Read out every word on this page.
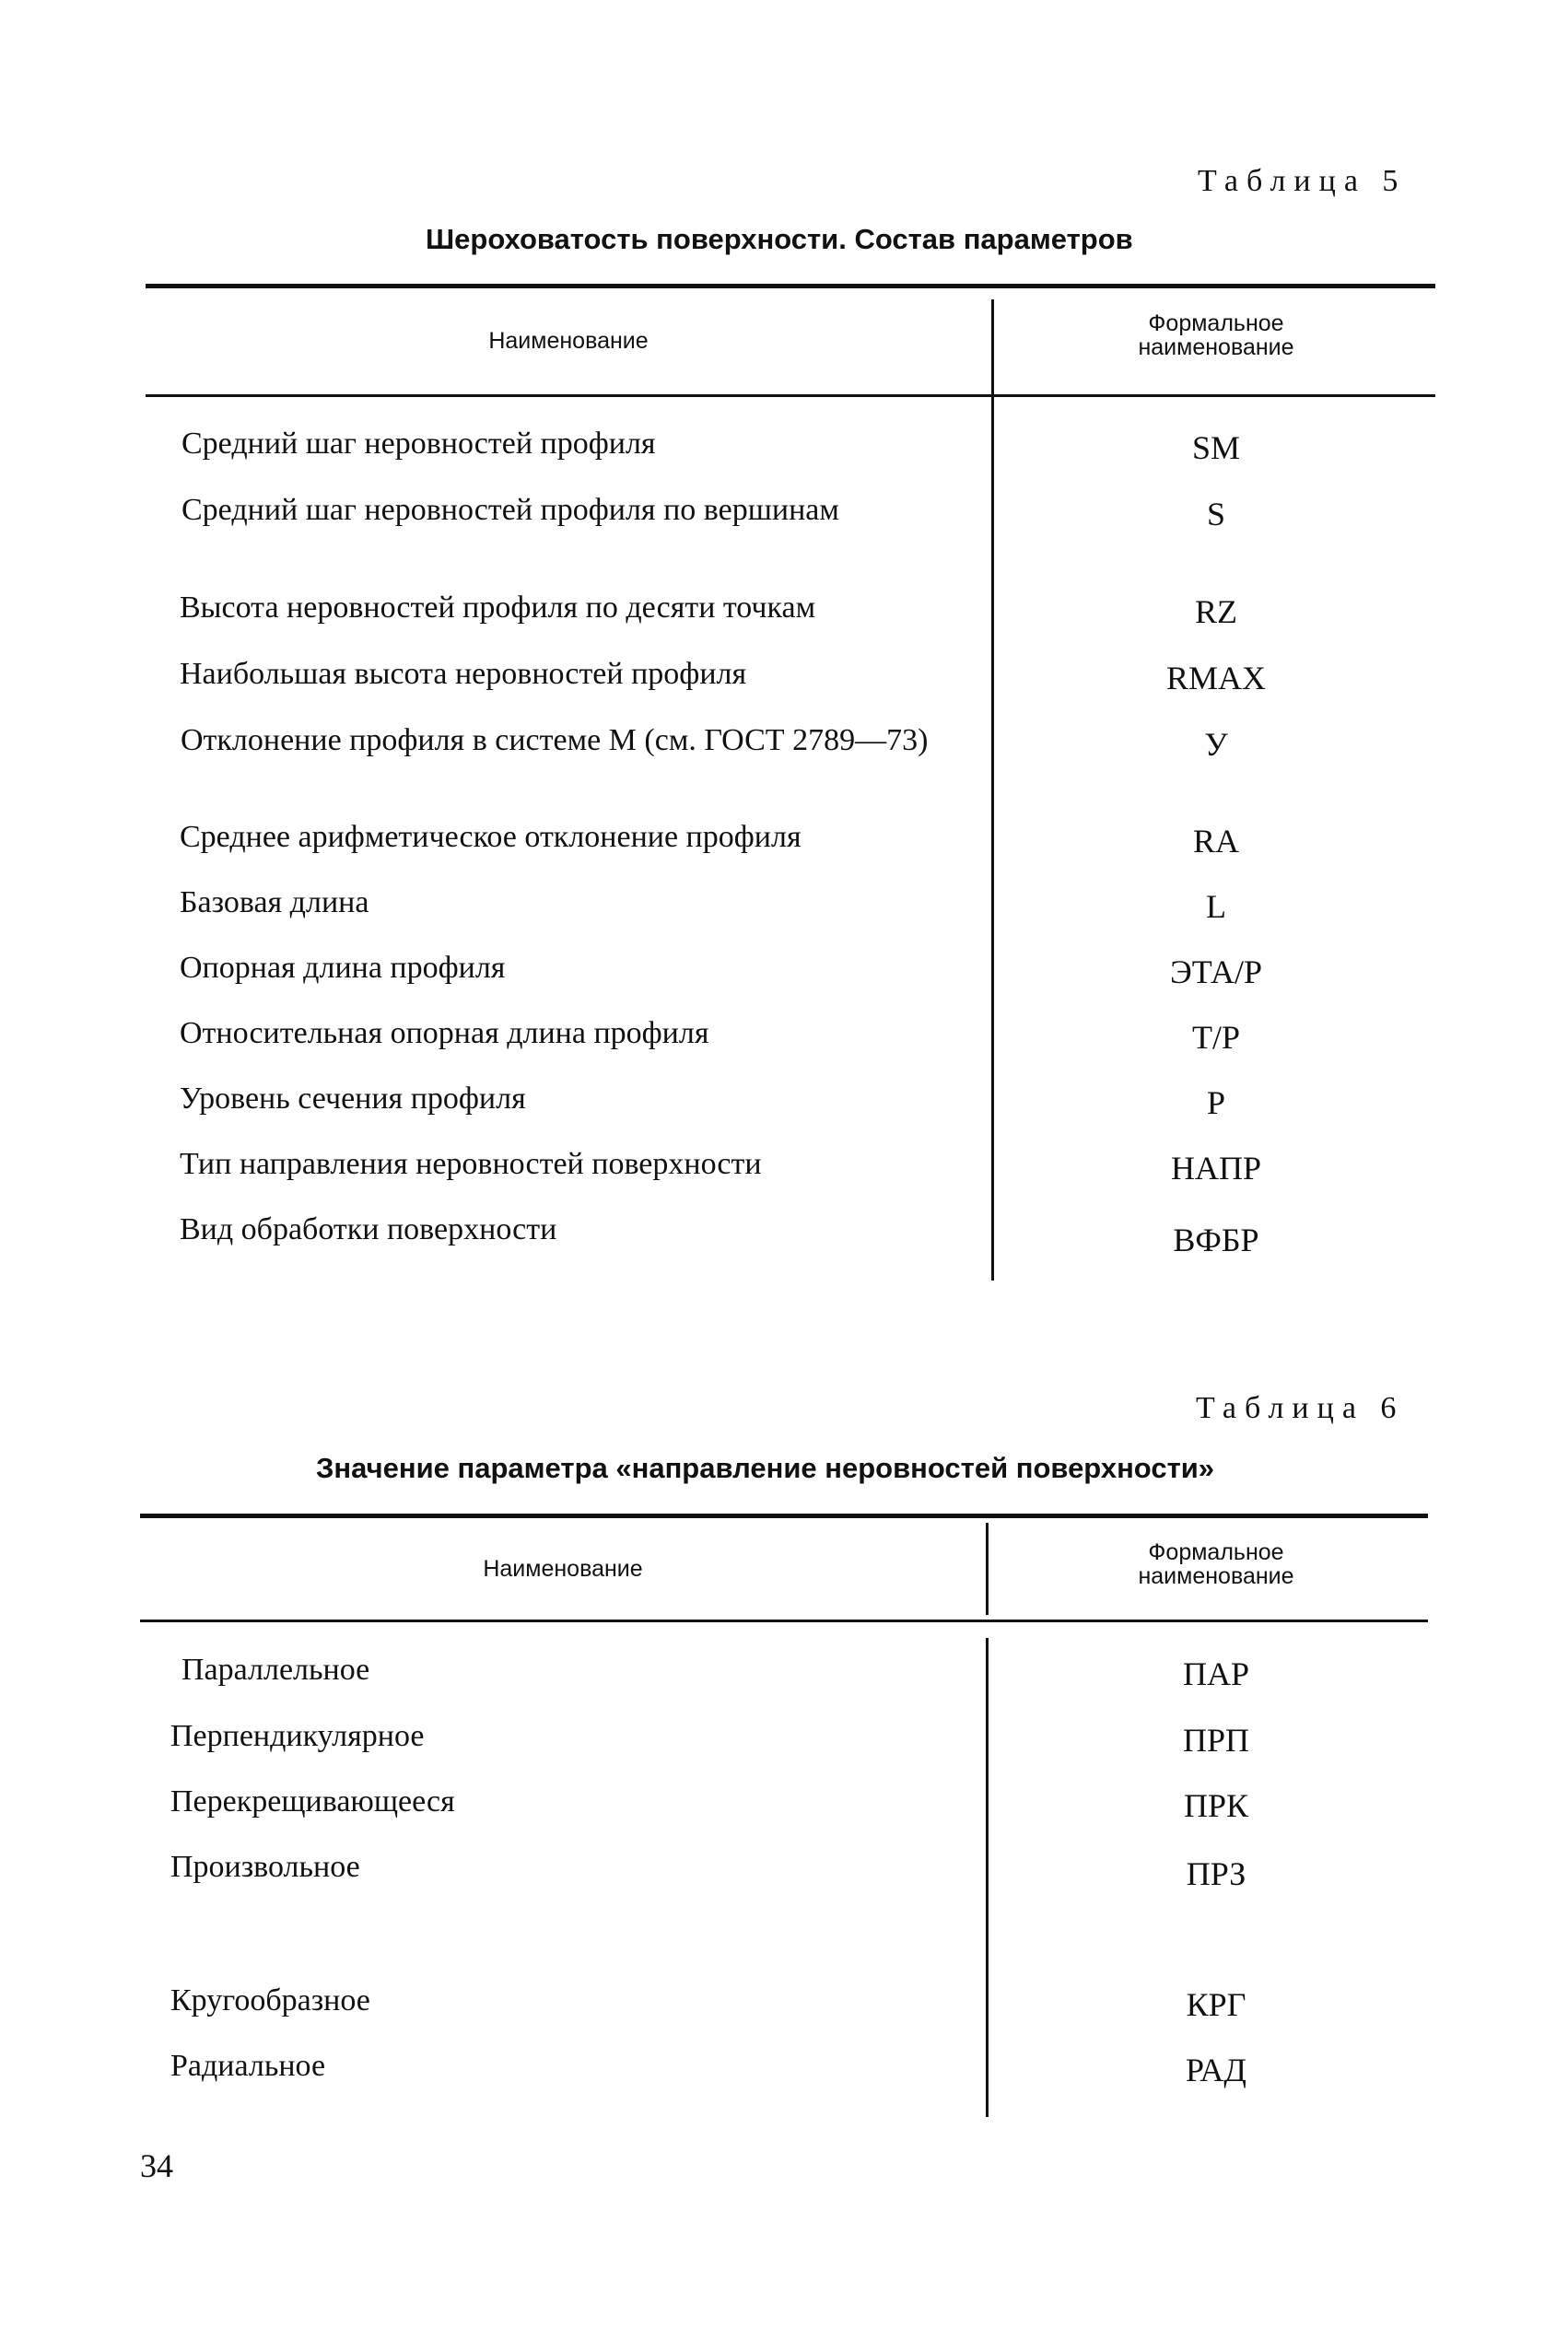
Таблица 5
Шероховатость поверхности. Состав параметров
Наименование
Формальное наименование
Средний шаг неровностей профиля	SM
Средний шаг неровностей профиля по вершинам	S
Высота неровностей профиля по десяти точкам	RZ
Наибольшая высота неровностей профиля	RMAX
Отклонение профиля в системе М (см. ГОСТ 2789—73)	У
Среднее арифметическое отклонение профиля	RA
Базовая длина	L
Опорная длина профиля	ЭТА/Р
Относительная опорная длина профиля	Т/Р
Уровень сечения профиля	Р
Тип направления неровностей поверхности	НАПР
Вид обработки поверхности	ВФБР
Таблица 6
Значение параметра «направление неровностей поверхности»
Наименование
Формальное наименование
Параллельное	ПАР
Перпендикулярное	ПРП
Перекрещивающееся	ПРК
Произвольное	ПРЗ
Кругообразное	КРГ
Радиальное	РАД
34
